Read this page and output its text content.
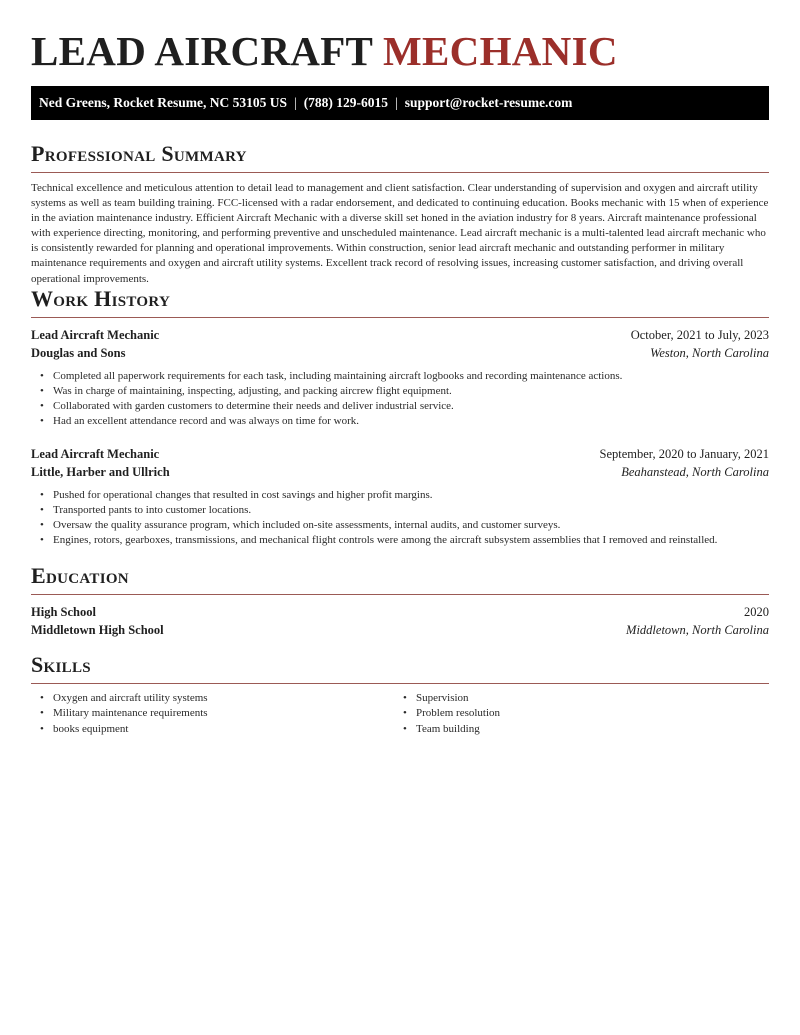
LEAD AIRCRAFT MECHANIC
Ned Greens, Rocket Resume, NC 53105 US | (788) 129-6015 | support@rocket-resume.com
Professional Summary

Technical excellence and meticulous attention to detail lead to management and client satisfaction. Clear understanding of supervision and oxygen and aircraft utility systems as well as team building training. FCC-licensed with a radar endorsement, and dedicated to continuing education. Books mechanic with 15 when of experience in the aviation maintenance industry. Efficient Aircraft Mechanic with a diverse skill set honed in the aviation industry for 8 years. Aircraft maintenance professional with experience directing, monitoring, and performing preventive and unscheduled maintenance. Lead aircraft mechanic is a multi-talented lead aircraft mechanic who is consistently rewarded for planning and operational improvements. Within construction, senior lead aircraft mechanic and outstanding performer in military maintenance requirements and oxygen and aircraft utility systems. Excellent track record of resolving issues, increasing customer satisfaction, and driving overall operational improvements.

Work History
Lead Aircraft Mechanic	October, 2021 to July, 2023
Douglas and Sons	Weston, North Carolina
• Completed all paperwork requirements for each task, including maintaining aircraft logbooks and recording maintenance actions.
• Was in charge of maintaining, inspecting, adjusting, and packing aircrew flight equipment.
• Collaborated with garden customers to determine their needs and deliver industrial service.
• Had an excellent attendance record and was always on time for work.
Lead Aircraft Mechanic	September, 2020 to January, 2021
Little, Harber and Ullrich	Beahanstead, North Carolina
• Pushed for operational changes that resulted in cost savings and higher profit margins.
• Transported pants to into customer locations.
• Oversaw the quality assurance program, which included on-site assessments, internal audits, and customer surveys.
• Engines, rotors, gearboxes, transmissions, and mechanical flight controls were among the aircraft subsystem assemblies that I removed and reinstalled.
Education
High School	2020
Middletown High School	Middletown, North Carolina
Skills
• Oxygen and aircraft utility systems
• Military maintenance requirements
• books equipment
• Supervision
• Problem resolution
• Team building
